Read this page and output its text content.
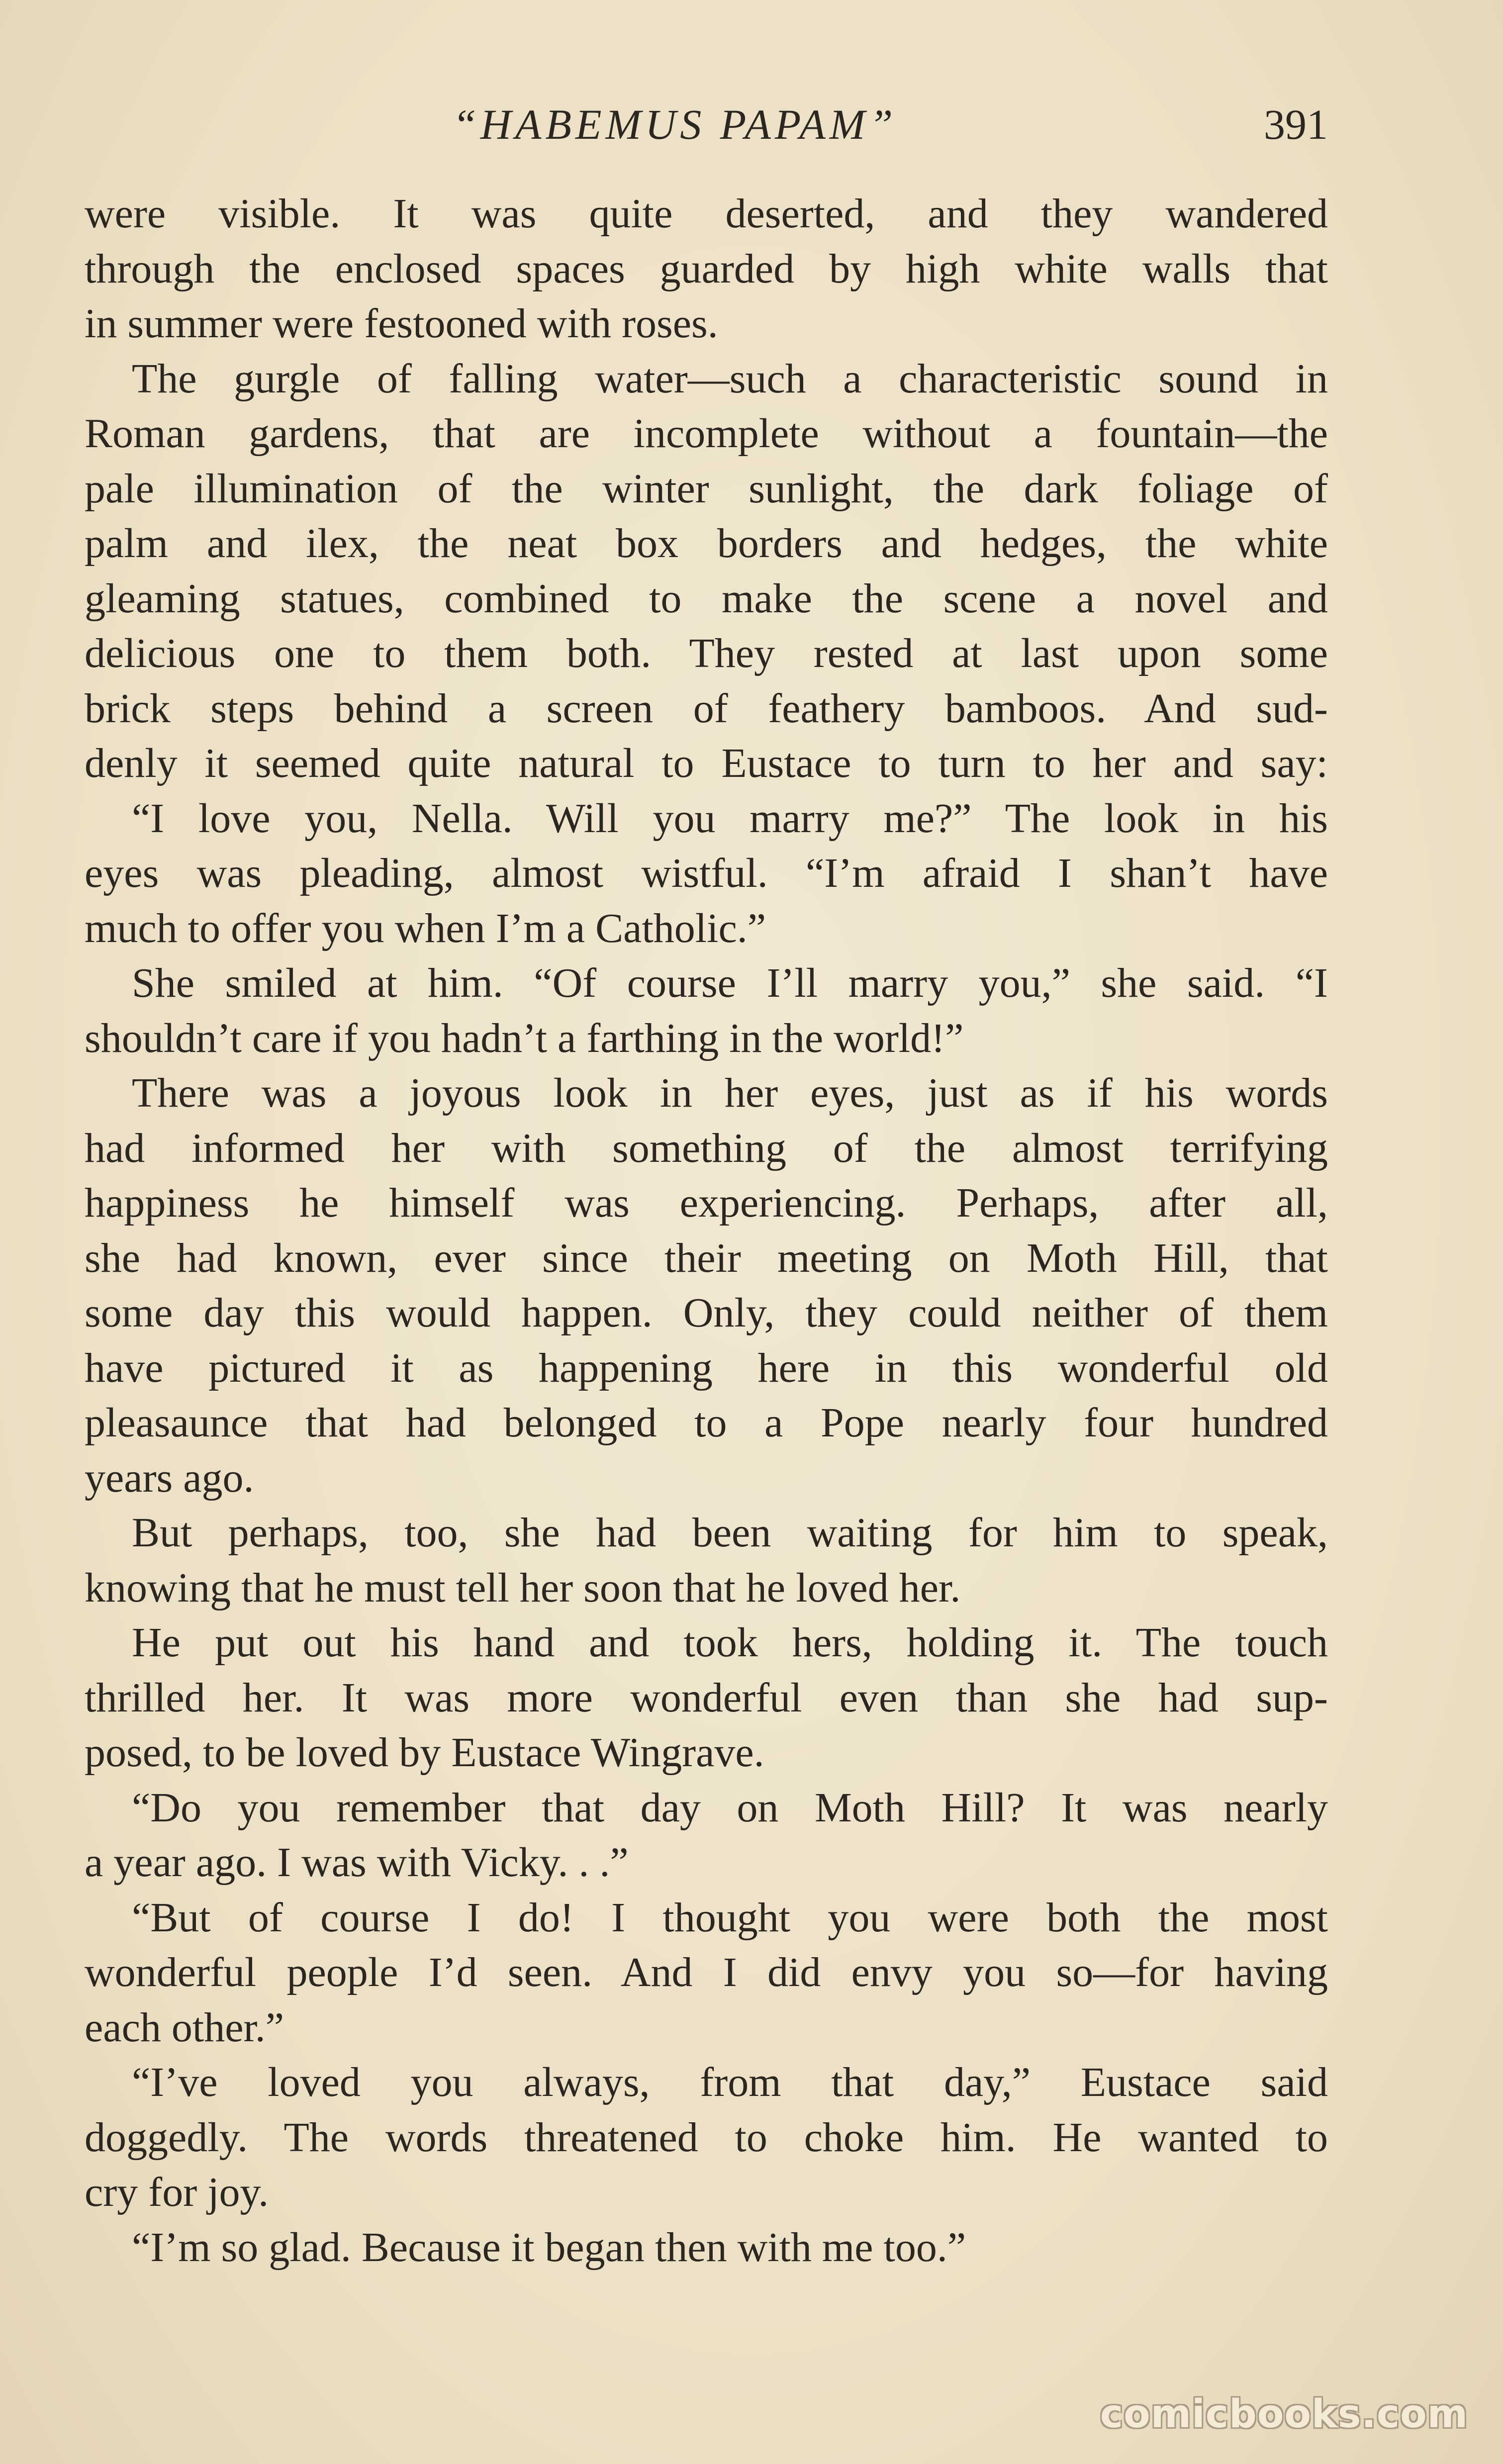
“HABEMUS PAPAM”	391
were visible. It was quite deserted, and they wandered
through the enclosed spaces guarded by high white walls that
in summer were festooned with roses.
The gurgle of falling water—such a characteristic sound in
Roman gardens, that are incomplete without a fountain—the
pale illumination of the winter sunlight, the dark foliage of
palm and ilex, the neat box borders and hedges, the white
gleaming statues, combined to make the scene a novel and
delicious one to them both. They rested at last upon some
brick steps behind a screen of feathery bamboos. And sud-
denly it seemed quite natural to Eustace to turn to her and say:
“I love you, Nella. Will you marry me?” The look in his
eyes was pleading, almost wistful. “I’m afraid I shan’t have
much to offer you when I’m a Catholic.”
She smiled at him. “Of course I’ll marry you,” she said. “I
shouldn’t care if you hadn’t a farthing in the world!”
There was a joyous look in her eyes, just as if his words
had informed her with something of the almost terrifying
happiness he himself was experiencing. Perhaps, after all,
she had known, ever since their meeting on Moth Hill, that
some day this would happen. Only, they could neither of them
have pictured it as happening here in this wonderful old
pleasaunce that had belonged to a Pope nearly four hundred
years ago.
But perhaps, too, she had been waiting for him to speak,
knowing that he must tell her soon that he loved her.
He put out his hand and took hers, holding it. The touch
thrilled her. It was more wonderful even than she had sup-
posed, to be loved by Eustace Wingrave.
“Do you remember that day on Moth Hill? It was nearly
a year ago. I was with Vicky. . .”
“But of course I do! I thought you were both the most
wonderful people I’d seen. And I did envy you so—for having
each other.”
“I’ve loved you always, from that day,” Eustace said
doggedly. The words threatened to choke him. He wanted to
cry for joy.
“I’m so glad. Because it began then with me too.”
comicbooks.com
